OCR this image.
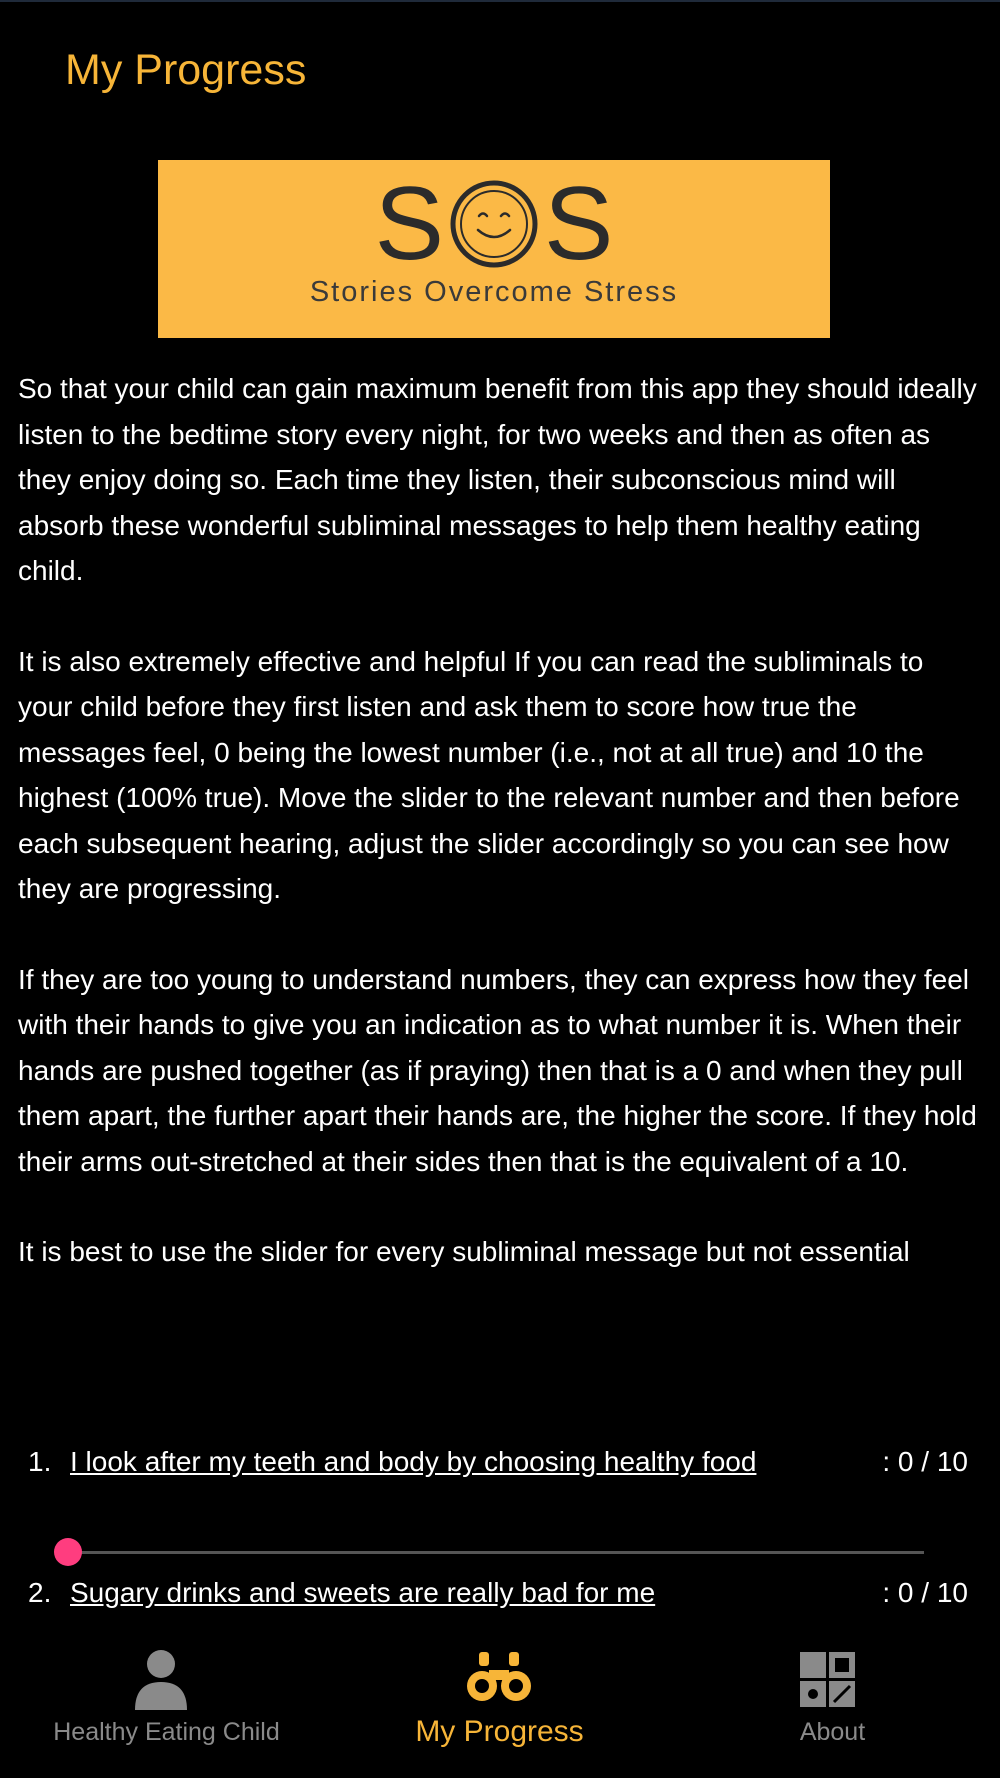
My Progress
S S
Stories Overcome Stress

So that your child can gain maximum benefit from this app they should ideally listen to the bedtime story every night, for two weeks and then as often as they enjoy doing so. Each time they listen, their subconscious mind will absorb these wonderful subliminal messages to help them healthy eating child.

It is also extremely effective and helpful If you can read the subliminals to your child before they first listen and ask them to score how true the messages feel, 0 being the lowest number (i.e., not at all true) and 10 the highest (100% true). Move the slider to the relevant number and then before each subsequent hearing, adjust the slider accordingly so you can see how they are progressing.

If they are too young to understand numbers, they can express how they feel with their hands to give you an indication as to what number it is. When their hands are pushed together (as if praying) then that is a 0 and when they pull them apart, the further apart their hands are, the higher the score. If they hold their arms out-stretched at their sides then that is the equivalent of a 10.

It is best to use the slider for every subliminal message but not essential

1. I look after my teeth and body by choosing healthy food	: 0 / 10
2. Sugary drinks and sweets are really bad for me	: 0 / 10
Healthy Eating Child	My Progress	About
